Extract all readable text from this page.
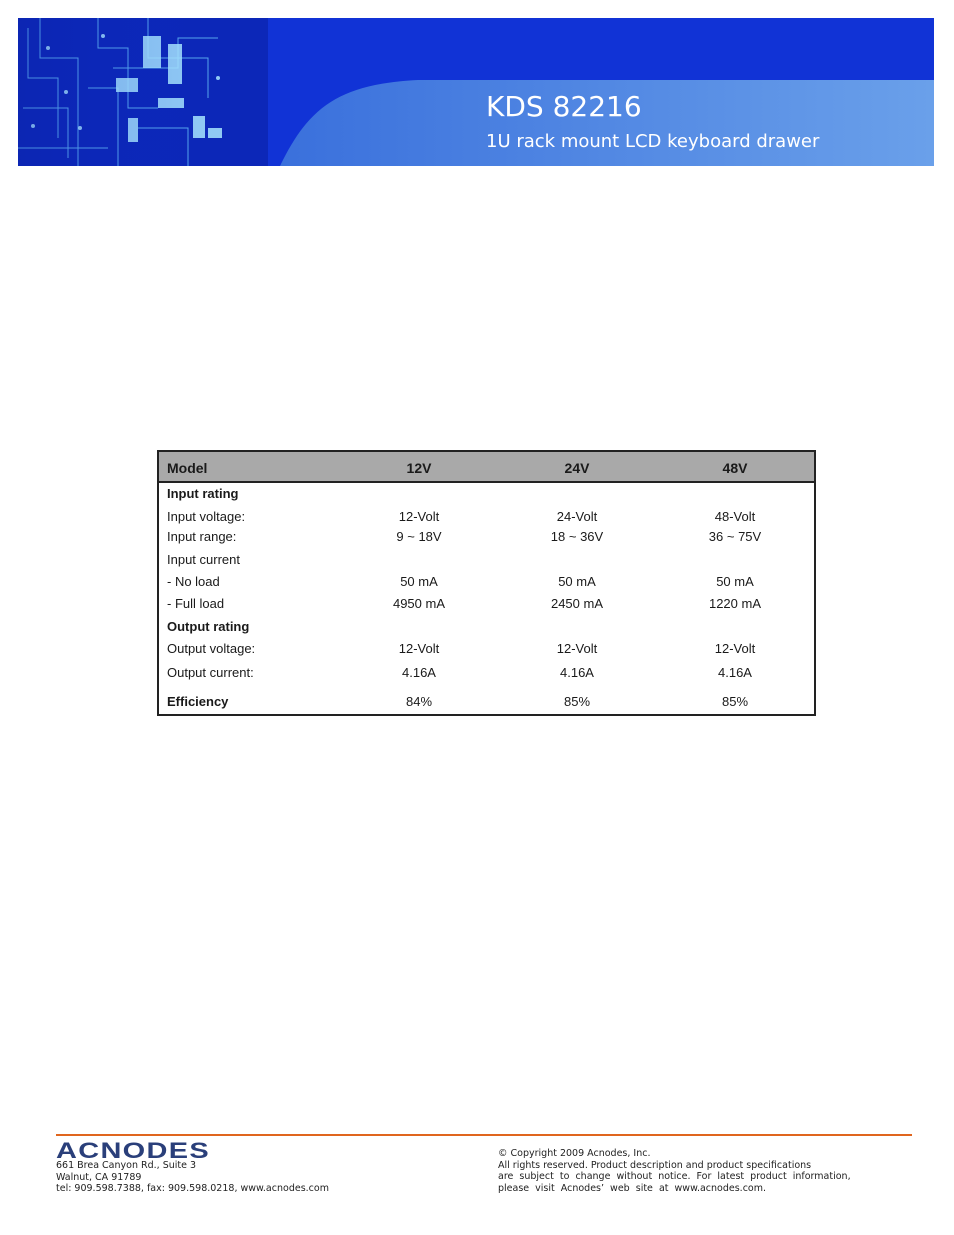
KDS 82216
1U rack mount LCD keyboard drawer
Model	12V	24V	48V
Input rating
Input voltage:	12-Volt	24-Volt	48-Volt
Input range:	9 ~ 18V	18 ~ 36V	36 ~ 75V
Input current
- No load	50 mA	50 mA	50 mA
- Full load	4950 mA	2450 mA	1220 mA
Output rating
Output voltage:	12-Volt	12-Volt	12-Volt
Output current:	4.16A	4.16A	4.16A
Efficiency	84%	85%	85%
ACNODES
661 Brea Canyon Rd., Suite 3
Walnut, CA 91789
tel: 909.598.7388, fax: 909.598.0218, www.acnodes.com
© Copyright 2009 Acnodes, Inc.
All rights reserved. Product description and product specifications
are  subject  to  change  without  notice.  For  latest  product  information,
please  visit  Acnodes’  web  site  at  www.acnodes.com.
